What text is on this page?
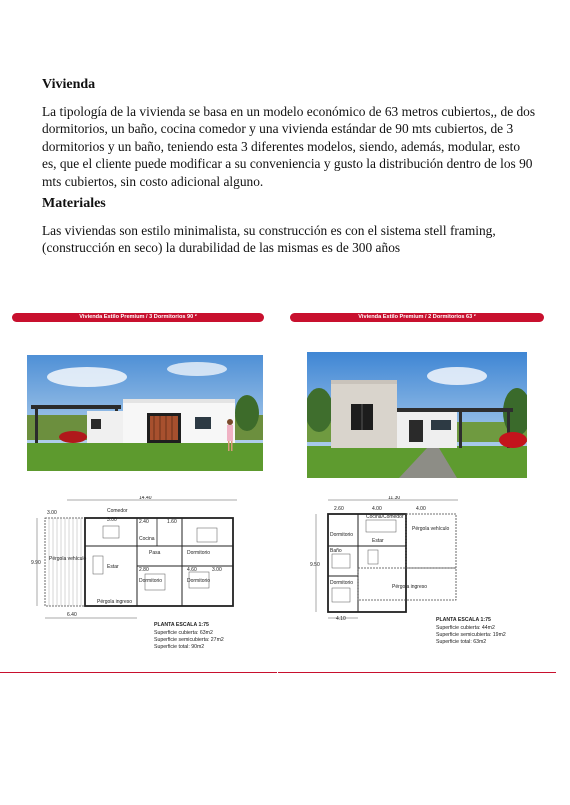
Vivienda

La tipología de la vivienda se basa en un modelo económico de 63 metros cubiertos,, de dos dormitorios, un baño, cocina comedor y una vivienda estándar de 90 mts cubiertos, de 3 dormitorios y un baño, teniendo esta 3 diferentes modelos, siendo, además, modular, esto es, que el cliente puede modificar a su conveniencia y gusto la distribución dentro de los 90 mts cubiertos, sin costo adicional alguno.

Materiales

Las viviendas son estilo minimalista, su construcción es con el sistema stell framing, (construcción en seco) la durabilidad de las mismas es de 300 años

Vivienda Estilo Premium / 3 Dormitorios 90 ²
14.40
3.00
3.00	2.40	1.60
Comedor
Cocina
Pérgola vehículo
Pasa
Estar
Dormitorio
Dormitorio	Dormitorio
4.60
2.80	3.00
Pérgola ingreso
6.40
9.90
PLANTA ESCALA 1:75
Superficie cubierta: 63m2
Superficie semicubierta: 27m2
Superficie total: 90m2
Vivienda Estilo Premium / 2 Dormitorios 63 ²
11.30
2.60	4.00	4.00
Cocina/Comedor
Dormitorio
Dormitorio
Estar
Baño
Pérgola vehículo
Pérgola ingreso
9.50
4.10	PLANTA ESCALA 1:75
Superficie cubierta: 44m2
Superficie semicubierta: 19m2
Superficie total: 63m2
